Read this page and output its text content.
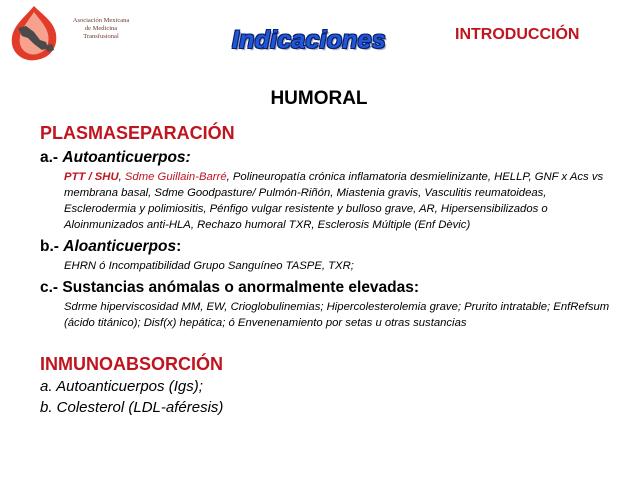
Asociación Mexicana
de Medicina
Transfusional	Indicaciones	INTRODUCCIÓN
HUMORAL
PLASMASEPARACIÓN
a.- Autoanticuerpos:
PTT / SHU, Sdme Guillain-Barré, Polineuropatía crónica inflamatoria desmielinizante, HELLP, GNF x Acs vs membrana basal, Sdme Goodpasture/ Pulmón-Riñón, Miastenia gravis, Vasculitis reumatoideas, Esclerodermia y polimiositis, Pénfigo vulgar resistente y bulloso grave, AR, Hipersensibilizados o Aloinmunizados anti-HLA, Rechazo humoral TXR, Esclerosis Múltiple (Enf Dèvic)
b.- Aloanticuerpos:
EHRN ó Incompatibilidad Grupo Sanguíneo TASPE, TXR;
c.- Sustancias anómalas o anormalmente elevadas:
Sdrme hiperviscosidad MM, EW, Crioglobulinemias; Hipercolesterolemia grave; Prurito intratable; EnfRefsum (ácido titánico); Disf(x) hepática; ó Envenenamiento por setas u otras sustancias
INMUNOABSORCIÓN
a. Autoanticuerpos (Igs);
b. Colesterol (LDL-aféresis)
